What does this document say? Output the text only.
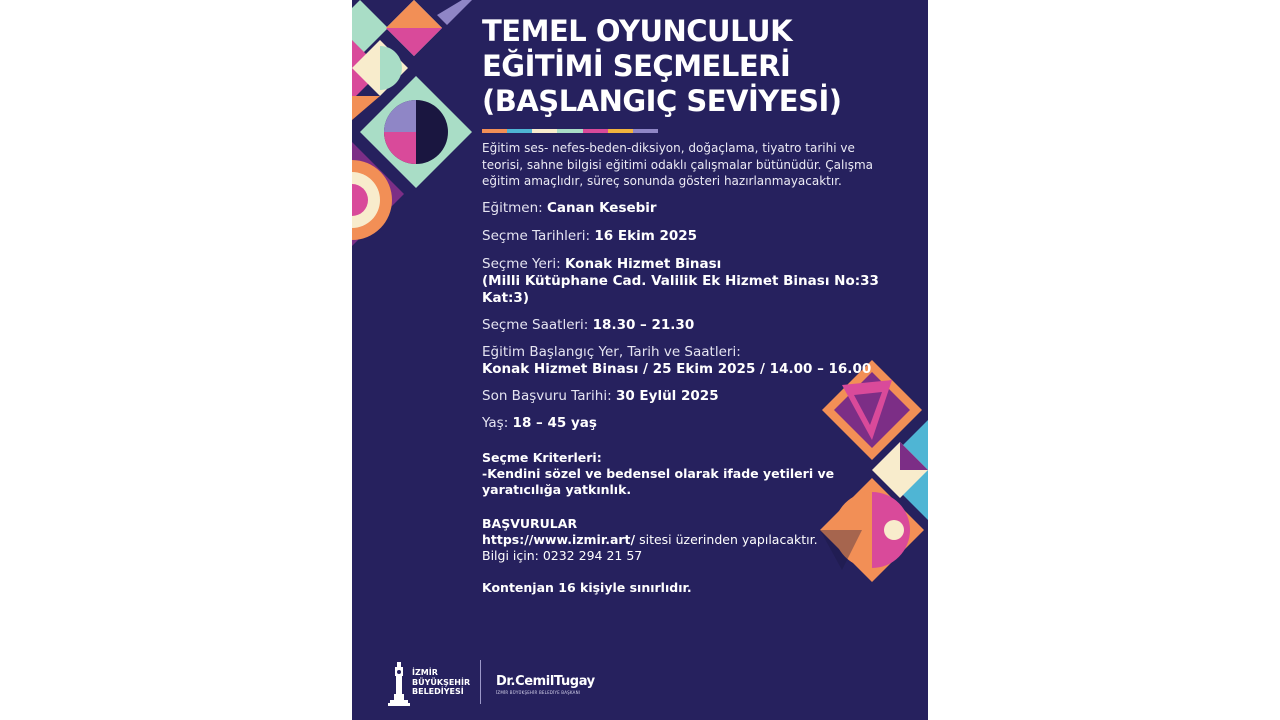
TEMEL OYUNCULUK
EĞİTİMİ SEÇMELERİ
(BAŞLANGIÇ SEVİYESİ)

Eğitim ses- nefes-beden-diksiyon, doğaçlama, tiyatro tarihi ve teorisi, sahne bilgisi eğitimi odaklı çalışmalar bütünüdür. Çalışma eğitim amaçlıdır, süreç sonunda gösteri hazırlanmayacaktır.

Eğitmen: Canan Kesebir

Seçme Tarihleri: 16 Ekim 2025

Seçme Yeri: Konak Hizmet Binası

(Milli Kütüphane Cad. Valilik Ek Hizmet Binası No:33 Kat:3)

Seçme Saatleri: 18.30 – 21.30

Eğitim Başlangıç Yer, Tarih ve Saatleri:

Konak Hizmet Binası / 25 Ekim 2025 / 14.00 – 16.00

Son Başvuru Tarihi: 30 Eylül 2025

Yaş: 18 – 45 yaş

Seçme Kriterleri:

-Kendini sözel ve bedensel olarak ifade yetileri ve yaratıcılığa yatkınlık.

BAŞVURULAR

https://www.izmir.art/ sitesi üzerinden yapılacaktır.

Bilgi için: 0232 294 21 57

Kontenjan 16 kişiyle sınırlıdır.

İZMİR
BÜYÜKŞEHİR
BELEDİYESİ
Dr.CemilTugay
İZMİR BÜYÜKŞEHİR BELEDİYE BAŞKANI
